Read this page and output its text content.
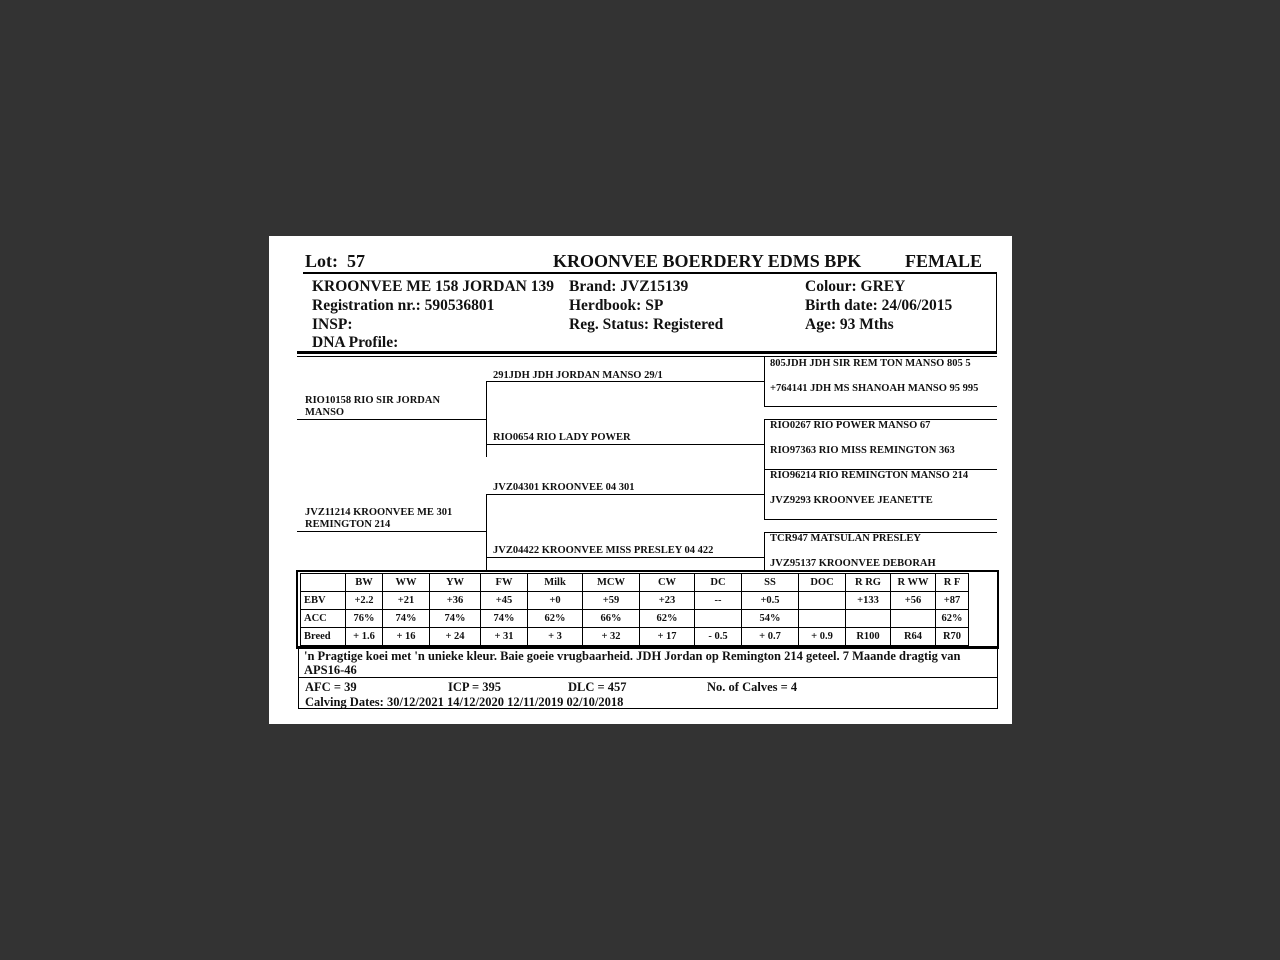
Lot: 57	KROONVEE BOERDERY EDMS BPK FEMALE
KROONVEE ME 158 JORDAN 139
Registration nr.: 590536801
INSP:
DNA Profile:
Brand: JVZ15139
Herdbook: SP
Reg. Status: Registered
Colour: GREY
Birth date: 24/06/2015
Age: 93 Mths
RIO10158 RIO SIR JORDAN MANSO
JVZ11214 KROONVEE ME 301 REMINGTON 214
291JDH JDH JORDAN MANSO 29/1
RIO0654 RIO LADY POWER
JVZ04301 KROONVEE 04 301
JVZ04422 KROONVEE MISS PRESLEY 04 422
805JDH JDH SIR REM TON MANSO 805 5
+764141 JDH MS SHANOAH MANSO 95 995
RIO0267 RIO POWER MANSO 67
RIO97363 RIO MISS REMINGTON 363
RIO96214 RIO REMINGTON MANSO 214
JVZ9293 KROONVEE JEANETTE
TCR947 MATSULAN PRESLEY
JVZ95137 KROONVEE DEBORAH
	BW	WW	YW	FW	Milk	MCW	CW	DC	SS	DOC	R RG	R WW	R F
EBV	+2.2	+21	+36	+45	+0	+59	+23	--	+0.5		+133	+56	+87
ACC	76%	74%	74%	74%	62%	66%	62%		54%				62%
Breed	+ 1.6	+ 16	+ 24	+ 31	+ 3	+ 32	+ 17	- 0.5	+ 0.7	+ 0.9	R100	R64	R70
'n Pragtige koei met 'n unieke kleur. Baie goeie vrugbaarheid. JDH Jordan op Remington 214 geteel. 7 Maande dragtig van APS16-46
AFC = 39	ICP = 395	DLC = 457	No. of Calves = 4
Calving Dates: 30/12/2021 14/12/2020 12/11/2019 02/10/2018
